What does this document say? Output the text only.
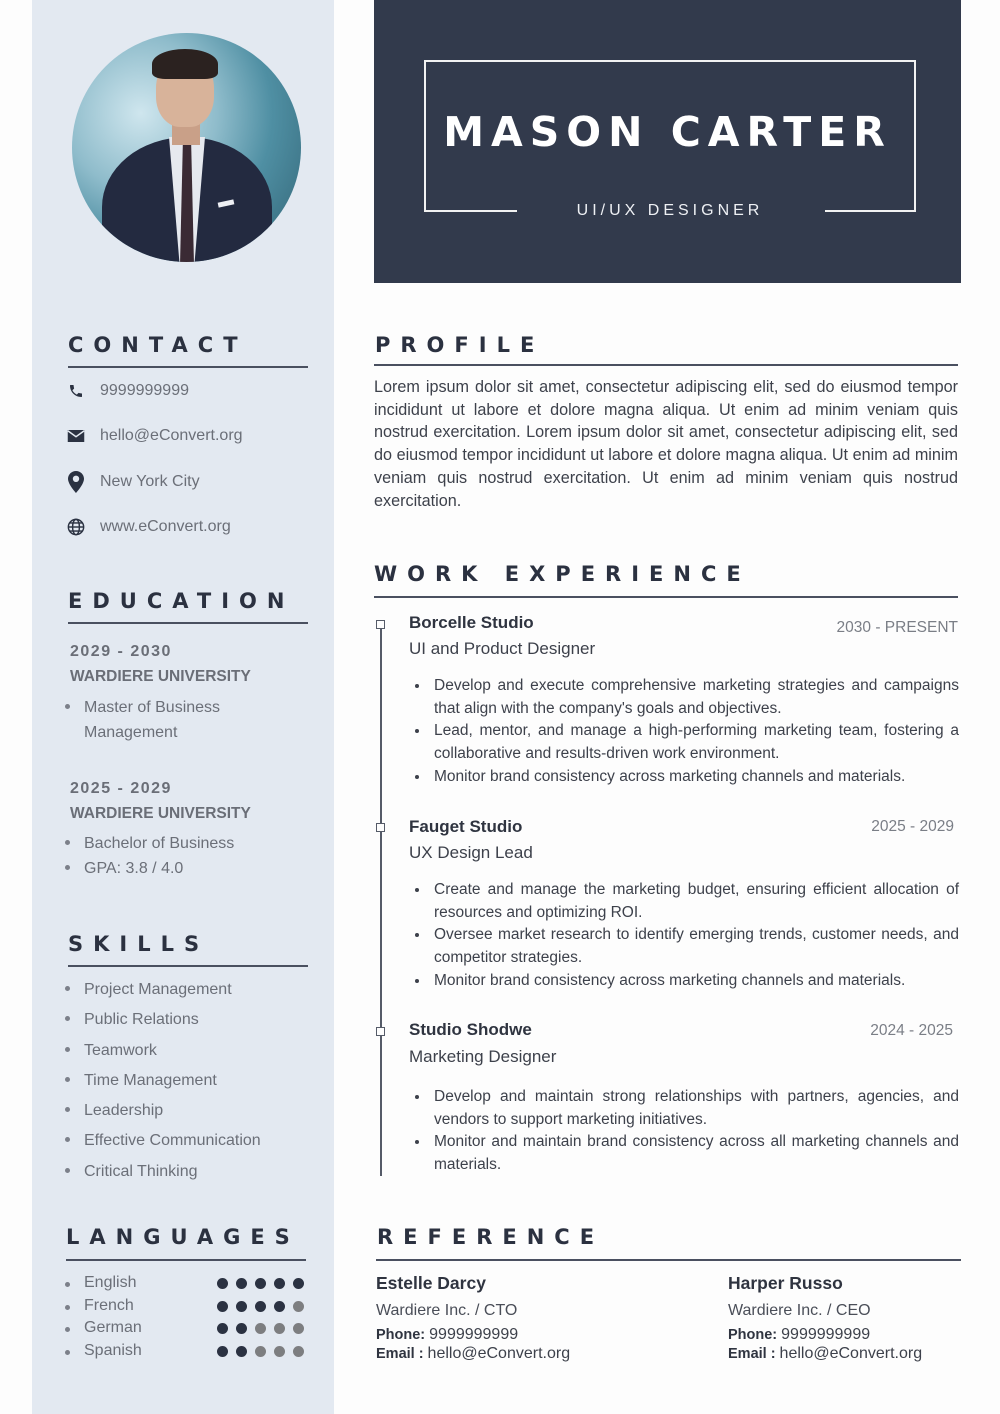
CONTACT
9999999999
hello@eConvert.org
New York City
www.eConvert.org
EDUCATION
2029 - 2030
WARDIERE UNIVERSITY
Master of Business Management
2025 - 2029
WARDIERE UNIVERSITY
Bachelor of Business
GPA: 3.8 / 4.0
SKILLS
Project Management
Public Relations
Teamwork
Time Management
Leadership
Effective Communication
Critical Thinking
LANGUAGES
English
French
German
Spanish
MASON CARTER
UI/UX DESIGNER
PROFILE
Lorem ipsum dolor sit amet, consectetur adipiscing elit, sed do eiusmod tempor incididunt ut labore et dolore magna aliqua. Ut enim ad minim veniam quis nostrud exercitation. Lorem ipsum dolor sit amet, consectetur adipiscing elit, sed do eiusmod tempor incididunt ut labore et dolore magna aliqua. Ut enim ad minim veniam quis nostrud exercitation. Ut enim ad minim veniam quis nostrud exercitation.
WORK EXPERIENCE
Borcelle Studio	2030 - PRESENT
UI and Product Designer
Develop and execute comprehensive marketing strategies and campaigns that align with the company's goals and objectives.
Lead, mentor, and manage a high-performing marketing team, fostering a collaborative and results-driven work environment.
Monitor brand consistency across marketing channels and materials.
Fauget Studio	2025 - 2029
UX Design Lead
Create and manage the marketing budget, ensuring efficient allocation of resources and optimizing ROI.
Oversee market research to identify emerging trends, customer needs, and competitor strategies.
Monitor brand consistency across marketing channels and materials.
Studio Shodwe	2024 - 2025
Marketing Designer
Develop and maintain strong relationships with partners, agencies, and vendors to support marketing initiatives.
Monitor and maintain brand consistency across all marketing channels and materials.
REFERENCE
Estelle Darcy
Wardiere Inc. / CTO
Phone: 9999999999
Email : hello@eConvert.org
Harper Russo
Wardiere Inc. / CEO
Phone: 9999999999
Email : hello@eConvert.org
